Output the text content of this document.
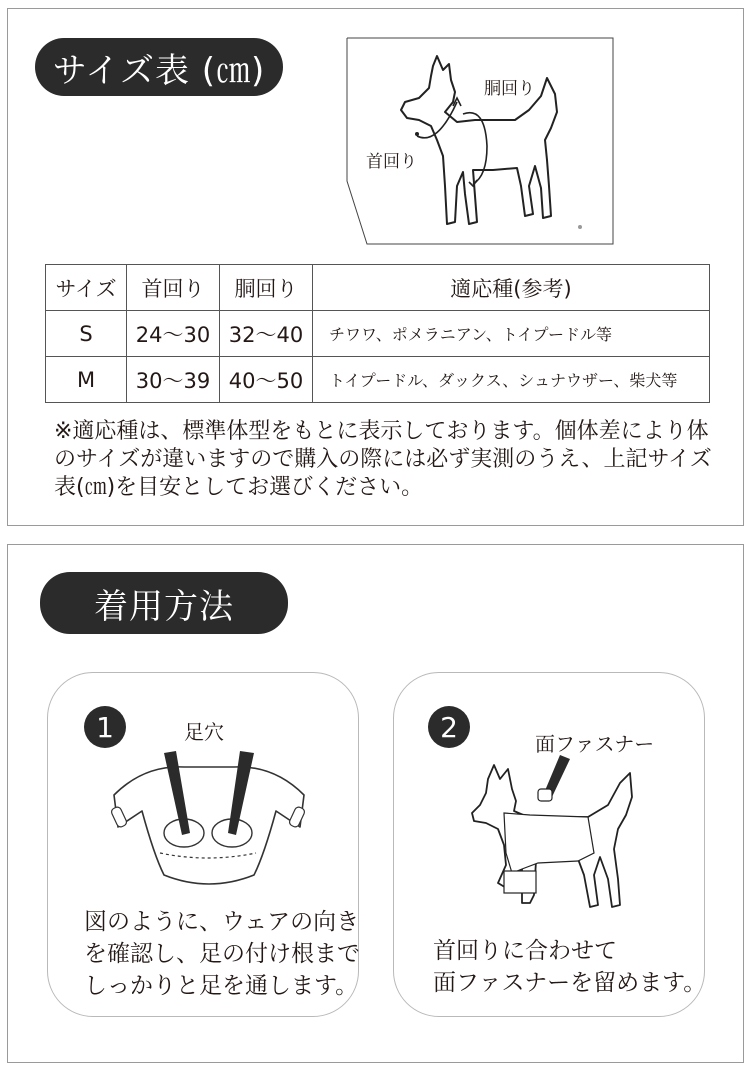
サイズ表 (㎝)	胴回り
首回り
サイズ	首回り	胴回り	適応種(参考)
S	24〜30	32〜40	チワワ、ポメラニアン、トイプードル等
M	30〜39	40〜50	トイプードル、ダックス、シュナウザー、柴犬等
※適応種は、標準体型をもとに表示しております。個体差により体のサイズが違いますので購入の際には必ず実測のうえ、上記サイズ表(㎝)を目安としてお選びください。
着用方法
1	足穴
図のように、ウェアの向き
を確認し、足の付け根まで
しっかりと足を通します。
2
面ファスナー
首回りに合わせて
面ファスナーを留めます。
